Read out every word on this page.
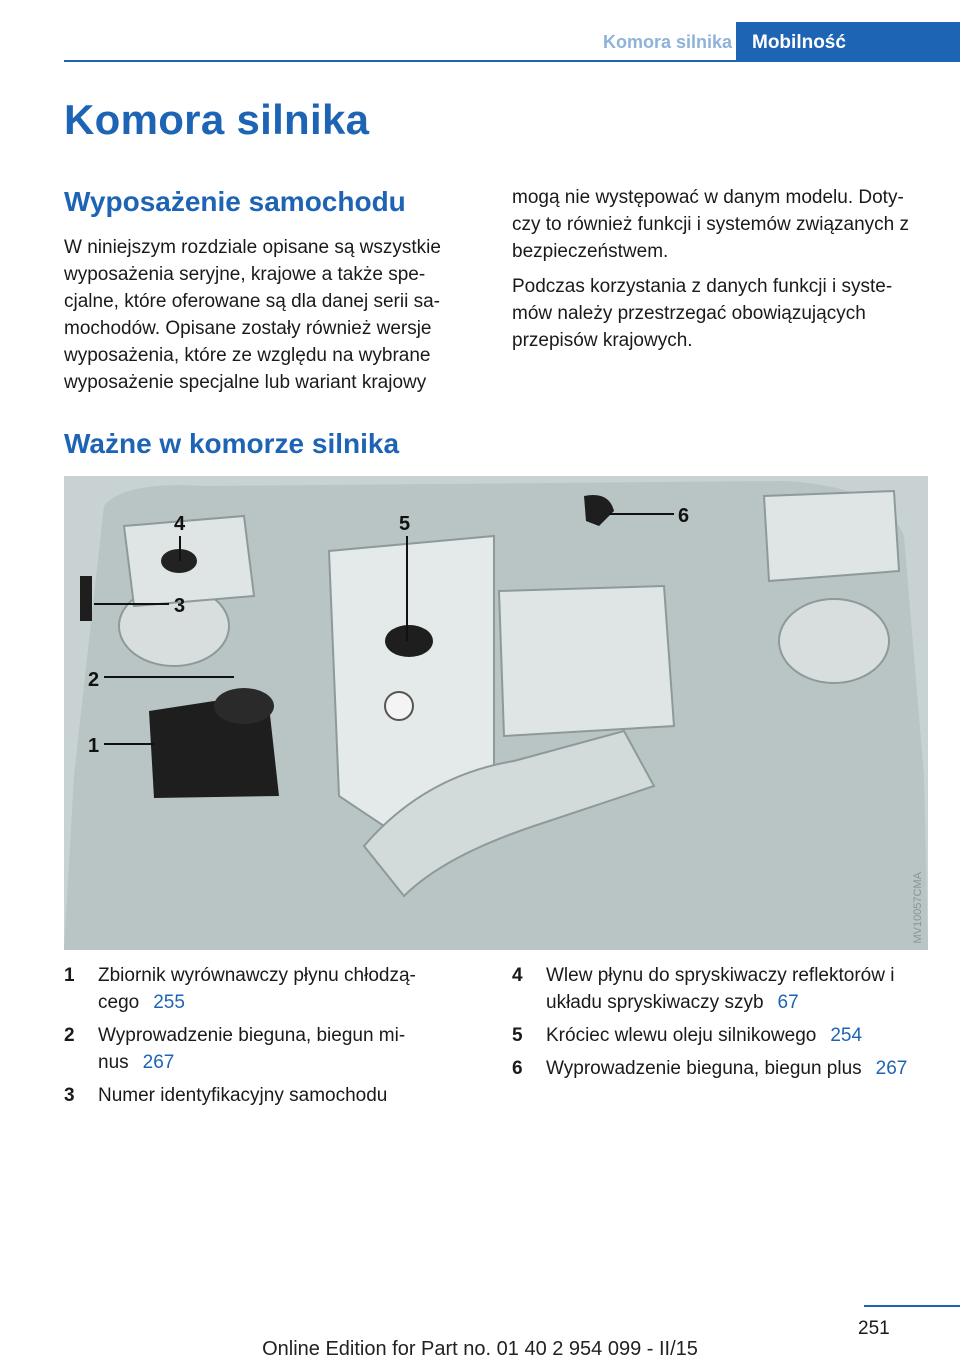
Komora silnika	Mobilność
Komora silnika
Wyposażenie samochodu

W niniejszym rozdziale opisane są wszystkie wyposażenia seryjne, krajowe a także spe‐cjalne, które oferowane są dla danej serii sa‐mochodów. Opisane zostały również wersje wyposażenia, które ze względu na wybrane wyposażenie specjalne lub wariant krajowy

mogą nie występować w danym modelu. Doty‐czy to również funkcji i systemów związanych z bezpieczeństwem.

Podczas korzystania z danych funkcji i syste‐mów należy przestrzegać obowiązujących przepisów krajowych.

Ważne w komorze silnika
4
3
2
1
5	6
MV10057CMA
1	Zbiornik wyrównawczy płynu chłodzą‐cego 255
2	Wyprowadzenie bieguna, biegun mi‐nus 267
3	Numer identyfikacyjny samochodu
4	Wlew płynu do spryskiwaczy reflektorów i układu spryskiwaczy szyb 67
5	Króciec wlewu oleju silnikowego 254
6	Wyprowadzenie bieguna, biegun plus 267
251
Online Edition for Part no. 01 40 2 954 099 - II/15
